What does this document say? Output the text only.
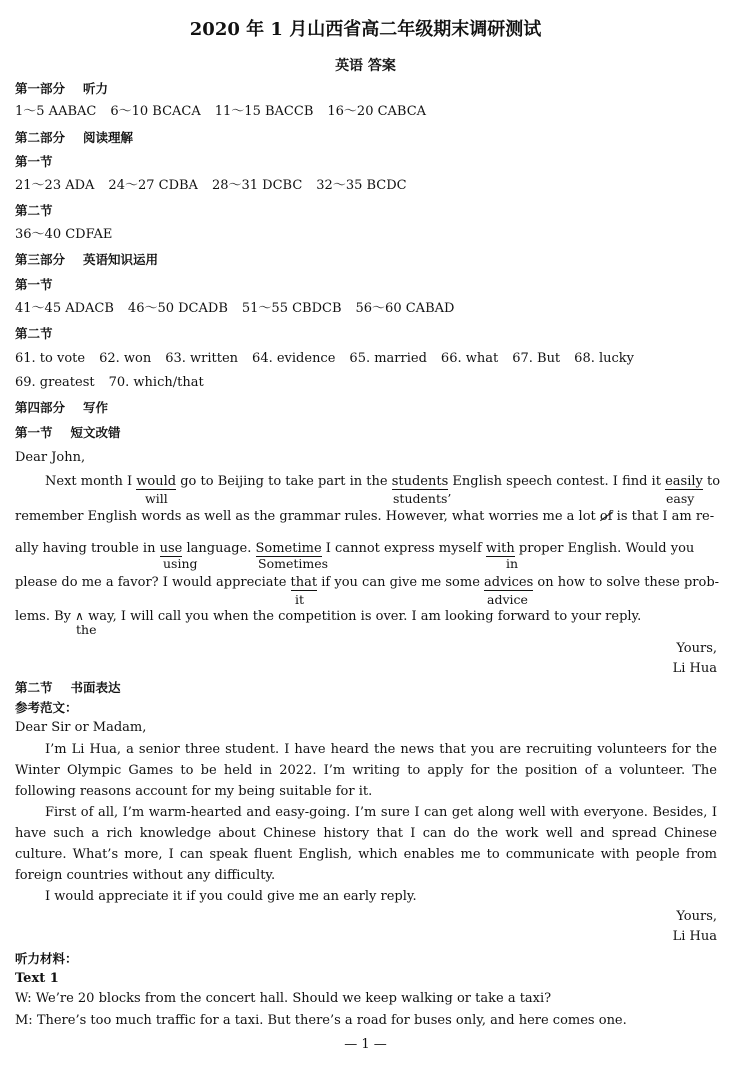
2020 年 1 月山西省高二年级期末调研测试
英语 答案
第一部分 听力
1～5 AABAC 6～10 BCACA 11～15 BACCB 16～20 CABCA
第二部分 阅读理解
第一节
21～23 ADA 24～27 CDBA 28～31 DCBC 32～35 BCDC
第二节
36～40 CDFAE
第三部分 英语知识运用
第一节
41～45 ADACB 46～50 DCADB 51～55 CBDCB 56～60 CABAD
第二节
61. to vote 62. won 63. written 64. evidence 65. married 66. what 67. But 68. lucky
69. greatest 70. which/that
第四部分 写作
第一节 短文改错
Dear John,
Next month I would go to Beijing to take part in the students English speech contest. I find it easily to
will	students’	easy
remember English words as well as the grammar rules. However, what worries me a lot of is that I am re-
ally having trouble in use language. Sometime I cannot express myself with proper English. Would you
using	Sometimes	in
please do me a favor? I would appreciate that if you can give me some advices on how to solve these prob-
it	advice
lems. By ∧ way, I will call you when the competition is over. I am looking forward to your reply.
the
Yours,
Li Hua
第二节 书面表达
参考范文：
Dear Sir or Madam,
I’m Li Hua, a senior three student. I have heard the news that you are recruiting volunteers for the Winter Olympic Games to be held in 2022. I’m writing to apply for the position of a volunteer. The following reasons account for my being suitable for it.
First of all, I’m warm-hearted and easy-going. I’m sure I can get along well with everyone. Besides, I have such a rich knowledge about Chinese history that I can do the work well and spread Chinese culture. What’s more, I can speak fluent English, which enables me to communicate with people from foreign countries without any difficulty.
I would appreciate it if you could give me an early reply.
Yours,
Li Hua
听力材料：
Text 1
W: We’re 20 blocks from the concert hall. Should we keep walking or take a taxi?
M: There’s too much traffic for a taxi. But there’s a road for buses only, and here comes one.
— 1 —
